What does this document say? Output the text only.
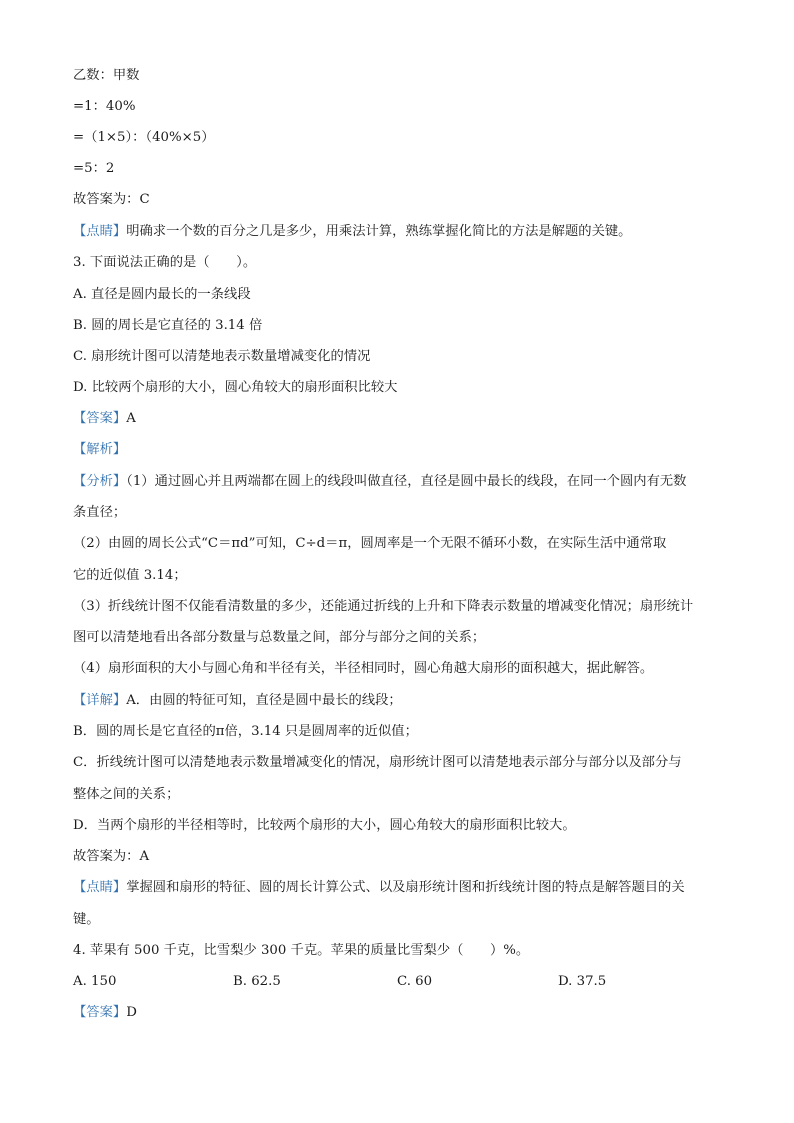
乙数：甲数
=1：40%
=（1×5）：（40%×5）
=5：2
故答案为：C
【点睛】明确求一个数的百分之几是多少，用乘法计算，熟练掌握化简比的方法是解题的关键。
3. 下面说法正确的是（　　）。
A. 直径是圆内最长的一条线段
B. 圆的周长是它直径的 3.14 倍
C. 扇形统计图可以清楚地表示数量增减变化的情况
D. 比较两个扇形的大小，圆心角较大的扇形面积比较大
【答案】A
【解析】
【分析】（1）通过圆心并且两端都在圆上的线段叫做直径，直径是圆中最长的线段，在同一个圆内有无数
条直径；
（2）由圆的周长公式“C＝πd”可知，C÷d＝π，圆周率是一个无限不循环小数，在实际生活中通常取
它的近似值 3.14；
（3）折线统计图不仅能看清数量的多少，还能通过折线的上升和下降表示数量的增减变化情况；扇形统计
图可以清楚地看出各部分数量与总数量之间，部分与部分之间的关系；
（4）扇形面积的大小与圆心角和半径有关，半径相同时，圆心角越大扇形的面积越大，据此解答。
【详解】A．由圆的特征可知，直径是圆中最长的线段；
B．圆的周长是它直径的π倍，3.14 只是圆周率的近似值；
C．折线统计图可以清楚地表示数量增减变化的情况，扇形统计图可以清楚地表示部分与部分以及部分与
整体之间的关系；
D．当两个扇形的半径相等时，比较两个扇形的大小，圆心角较大的扇形面积比较大。
故答案为：A
【点睛】掌握圆和扇形的特征、圆的周长计算公式、以及扇形统计图和折线统计图的特点是解答题目的关
键。
4. 苹果有 500 千克，比雪梨少 300 千克。苹果的质量比雪梨少（　　）%。
A. 150	B. 62.5	C. 60	D. 37.5
【答案】D
